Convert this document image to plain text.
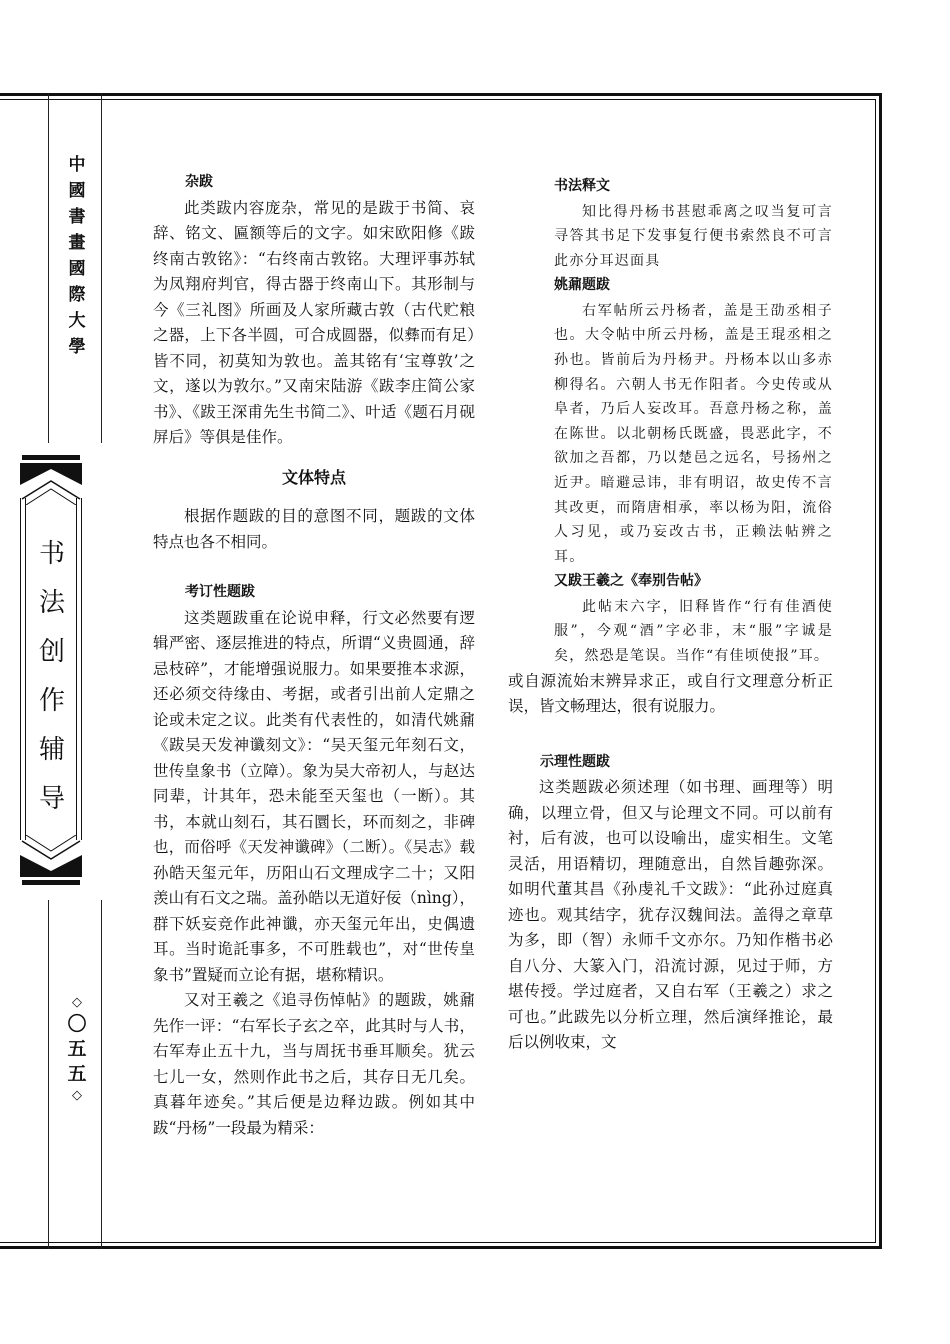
中
國
書
畫
國
際
大
學
书
法
创
作
辅
导
◇
〇
五
五
◇

杂跋

此类跋内容庞杂，常见的是跋于书简、哀辞、铭文、匾额等后的文字。如宋欧阳修《跋终南古敦铭》：“右终南古敦铭。大理评事苏轼为凤翔府判官，得古器于终南山下。其形制与今《三礼图》所画及人家所藏古敦（古代贮粮之器，上下各半圆，可合成圆器，似彝而有足）皆不同，初莫知为敦也。盖其铭有‘宝尊敦’之文，遂以为敦尔。”又南宋陆游《跋李庄简公家书》、《跋王深甫先生书简二》、叶适《题石月砚屏后》等俱是佳作。

文体特点

根据作题跋的目的意图不同，题跋的文体特点也各不相同。

考订性题跋

这类题跋重在论说申释，行文必然要有逻辑严密、逐层推进的特点，所谓“义贵圆通，辞忌枝碎”，才能增强说服力。如果要推本求源，还必须交待缘由、考据，或者引出前人定鼎之论或未定之议。此类有代表性的，如清代姚鼐《跋吴天发神谶刻文》：“吴天玺元年刻石文，世传皇象书（立障）。象为吴大帝初人，与赵达同辈，计其年，恐未能至天玺也（一断）。其书，本就山刻石，其石圜长，环而刻之，非碑也，而俗呼《天发神谶碑》（二断）。《吴志》载孙皓天玺元年，历阳山石文理成字二十；又阳羡山有石文之瑞。盖孙皓以无道好佞（nìng），群下妖妄竞作此神谶，亦天玺元年出，史偶遗耳。当时诡託事多，不可胜载也”，对“世传皇象书”置疑而立论有据，堪称精识。

又对王羲之《追寻伤悼帖》的题跋，姚鼐先作一评：“右军长子玄之卒，此其时与人书，右军寿止五十九，当与周抚书垂耳顺矣。犹云七儿一女，然则作此书之后，其存日无几矣。真暮年迹矣。”其后便是边释边跋。例如其中跋“丹杨”一段最为精采：

书法释文

知比得丹杨书甚慰乖离之叹当复可言寻答其书足下发事复行便书索然良不可言此亦分耳迟面具

姚鼐题跋

右军帖所云丹杨者，盖是王劭丞相子也。大令帖中所云丹杨，盖是王琨丞相之孙也。皆前后为丹杨尹。丹杨本以山多赤柳得名。六朝人书无作阳者。今史传或从阜者，乃后人妄改耳。吾意丹杨之称，盖在陈世。以北朝杨氏既盛，畏恶此字，不欲加之吾都，乃以楚邑之远名，号扬州之近尹。暗避忌讳，非有明诏，故史传不言其改更，而隋唐相承，率以杨为阳，流俗人习见，或乃妄改古书，正赖法帖辨之耳。

又跋王羲之《奉别告帖》

此帖末六字，旧释皆作“行有佳酒使服”，今观“酒”字必非，末“服”字诚是矣，然恐是笔误。当作“有佳顷使报”耳。

或自源流始末辨异求正，或自行文理意分析正误，皆文畅理达，很有说服力。

示理性题跋

这类题跋必须述理（如书理、画理等）明确，以理立骨，但又与论理文不同。可以前有衬，后有波，也可以设喻出，虚实相生。文笔灵活，用语精切，理随意出，自然旨趣弥深。如明代董其昌《孙虔礼千文跋》：“此孙过庭真迹也。观其结字，犹存汉魏间法。盖得之章草为多，即（智）永师千文亦尔。乃知作楷书必自八分、大篆入门，沿流讨源，见过于师，方堪传授。学过庭者，又自右军（王羲之）求之可也。”此跋先以分析立理，然后演绎推论，最后以例收束，文
